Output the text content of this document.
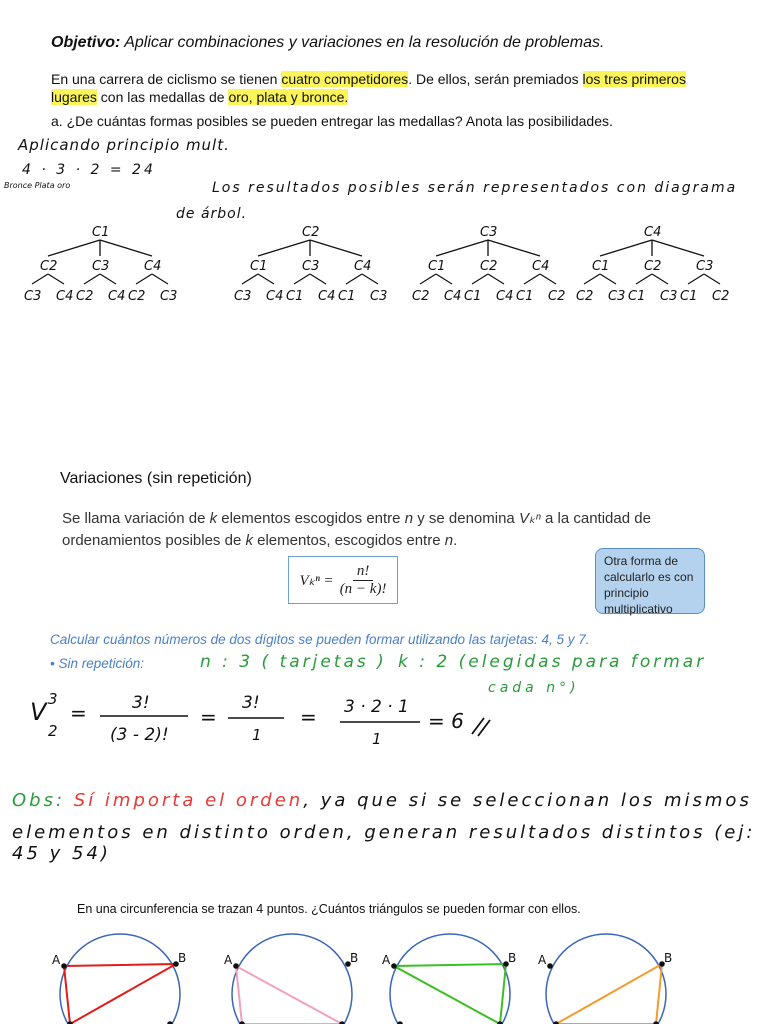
Objetivo: Aplicar combinaciones y variaciones en la resolución de problemas.
En una carrera de ciclismo se tienen cuatro competidores. De ellos, serán premiados los tres primeros lugares con las medallas de oro, plata y bronce.
a. ¿De cuántas formas posibles se pueden entregar las medallas? Anota las posibilidades.
Aplicando principio mult.
4 · 3 · 2 = 24
Bronce Plata oro	Los resultados posibles serán representados con diagrama
de árbol.
C1
C2
C3 C4
C3
C2 C4
C4
C2 C3
C2
C1
C3 C4
C3
C1 C4
C4
C1 C3
C3
C1
C2 C4
C2
C1 C4
C4
C1 C2
C4
C1
C2 C3
C2
C1 C3
C3
C1 C2
Variaciones (sin repetición)
Se llama variación de k elementos escogidos entre n y se denomina Vₖⁿ a la cantidad de ordenamientos posibles de k elementos, escogidos entre n.
$V_k^n = \frac{n!}{(n - k)!}$
Otra forma de calcularlo es con principio multiplicativo
Calcular cuántos números de dos dígitos se pueden formar utilizando las tarjetas: 4, 5 y 7.
• Sin repetición:	n : 3 ( tarjetas ) k : 2 (elegidas para formar
cada n°)
V 3
2
=	3!
(3 - 2)!
=
3!
1
= 3 · 2 · 1
1
= 6
Obs: Sí importa el orden, ya que si se seleccionan los mismos
elementos en distinto orden, generan resultados distintos (ej: 45 y 54)
En una circunferencia se trazan 4 puntos. ¿Cuántos triángulos se pueden formar con ellos.
A	B	A	B A	B A	B
